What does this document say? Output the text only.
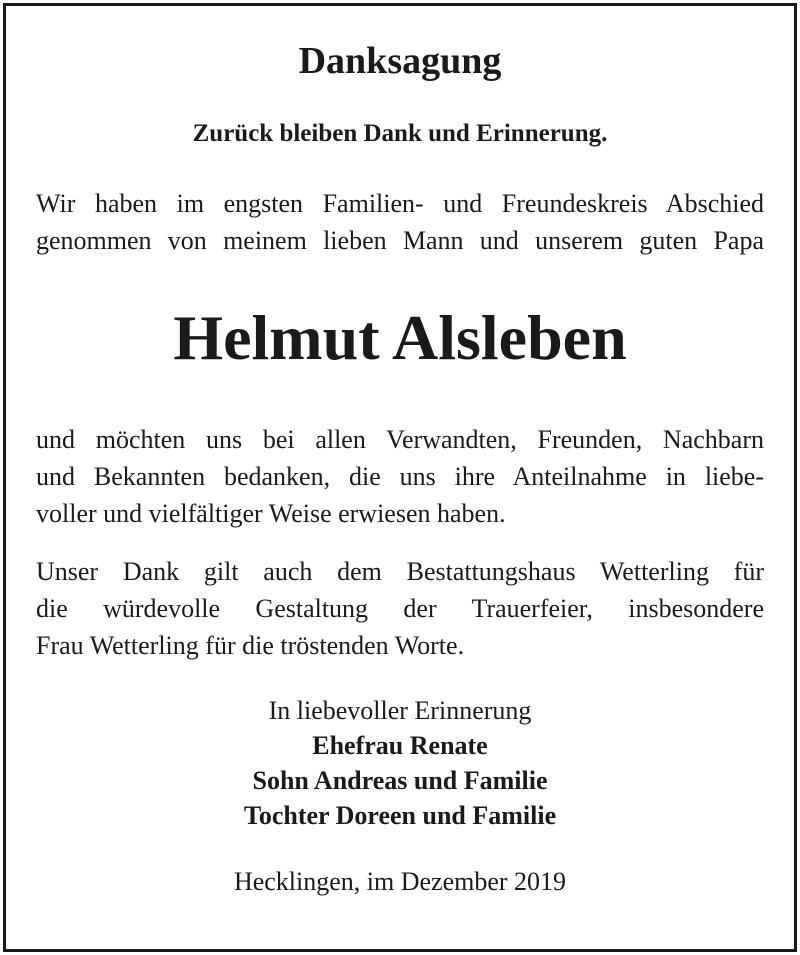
Danksagung
Zurück bleiben Dank und Erinnerung.
Wir haben im engsten Familien- und Freundeskreis Abschied
genommen von meinem lieben Mann und unserem guten Papa
Helmut Alsleben
und möchten uns bei allen Verwandten, Freunden, Nachbarn
und Bekannten bedanken, die uns ihre Anteilnahme in liebe-
voller und vielfältiger Weise erwiesen haben.
Unser Dank gilt auch dem Bestattungshaus Wetterling für
die würdevolle Gestaltung der Trauerfeier, insbesondere
Frau Wetterling für die tröstenden Worte.
In liebevoller Erinnerung
Ehefrau Renate
Sohn Andreas und Familie
Tochter Doreen und Familie
Hecklingen, im Dezember 2019
